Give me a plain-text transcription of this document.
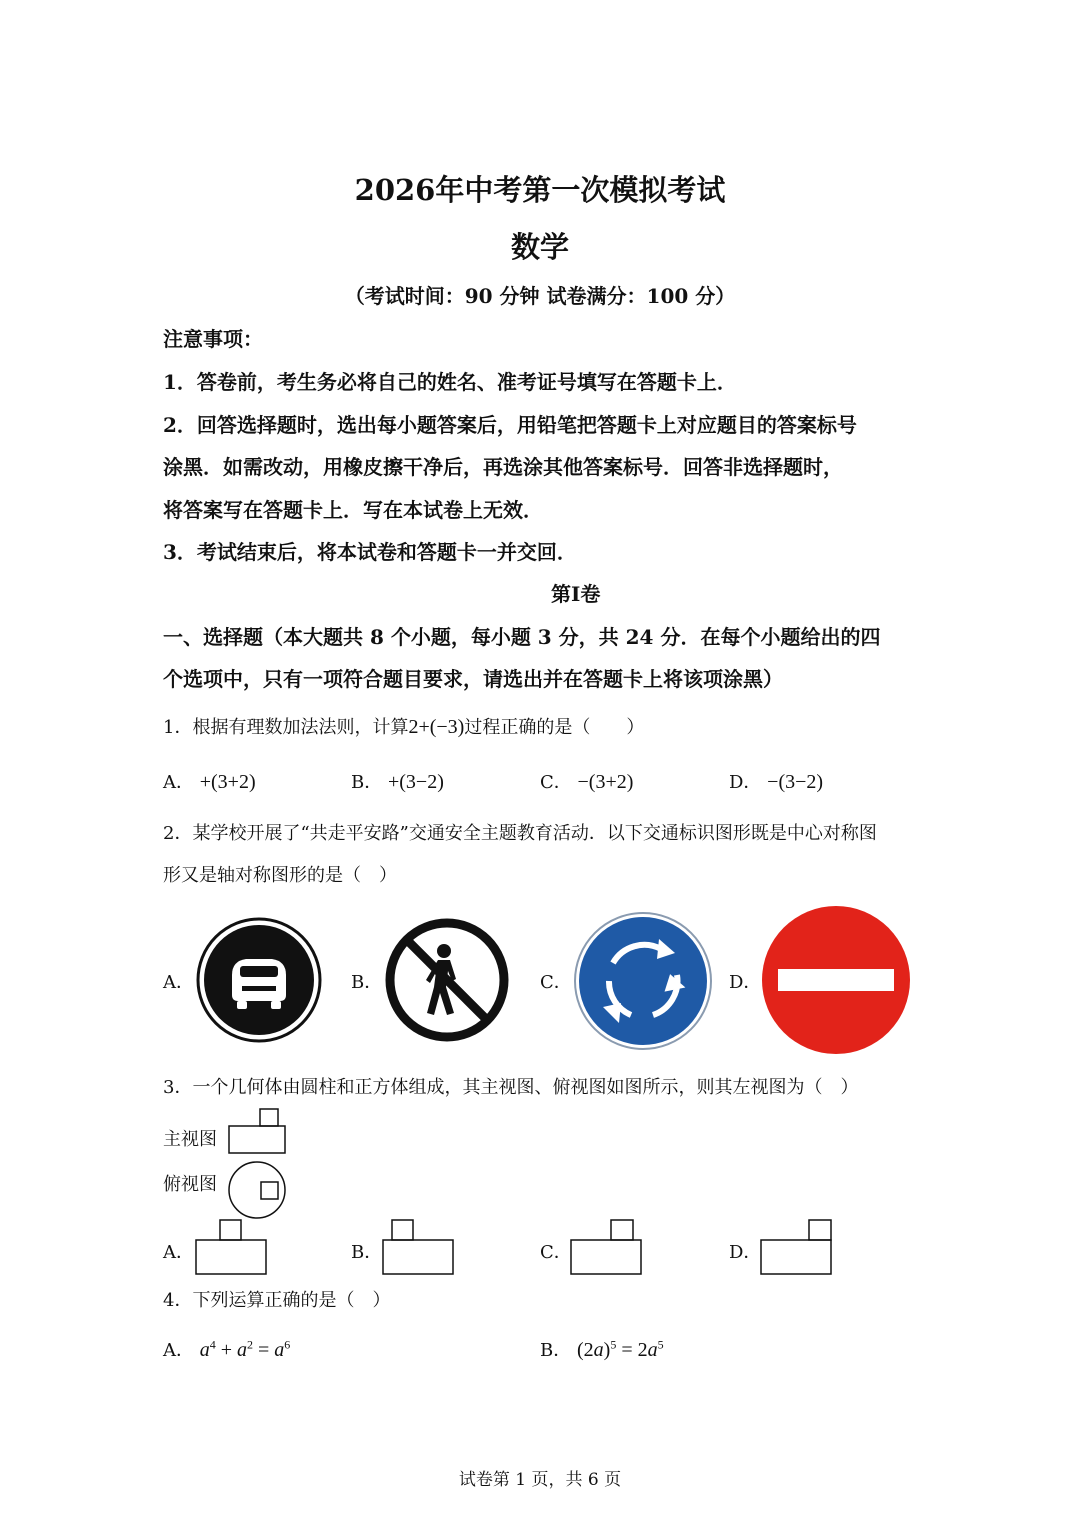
2026年中考第一次模拟考试
数学
（考试时间：90 分钟 试卷满分：100 分）
注意事项：
1．答卷前，考生务必将自己的姓名、准考证号填写在答题卡上．
2．回答选择题时，选出每小题答案后，用铅笔把答题卡上对应题目的答案标号
涂黑．如需改动，用橡皮擦干净后，再选涂其他答案标号．回答非选择题时，
将答案写在答题卡上．写在本试卷上无效．
3．考试结束后，将本试卷和答题卡一并交回．
第Ⅰ卷
一、选择题（本大题共 8 个小题，每小题 3 分，共 24 分．在每个小题给出的四
个选项中，只有一项符合题目要求，请选出并在答题卡上将该项涂黑）
1．根据有理数加法法则，计算2+(−3)过程正确的是（　　）
A． +(3+2)	B． +(3−2)	C． −(3+2)	D． −(3−2)
2．某学校开展了“共走平安路”交通安全主题教育活动．以下交通标识图形既是中心对称图
形又是轴对称图形的是（　）
A．	B．	C．	D．
3．一个几何体由圆柱和正方体组成，其主视图、俯视图如图所示，则其左视图为（　）
主视图
俯视图
A．	B．	C．	D．
4．下列运算正确的是（　）
A． $a^4 + a^2 = a^6$	B． $(2a)^5 = 2a^5$
试卷第 1 页，共 6 页
